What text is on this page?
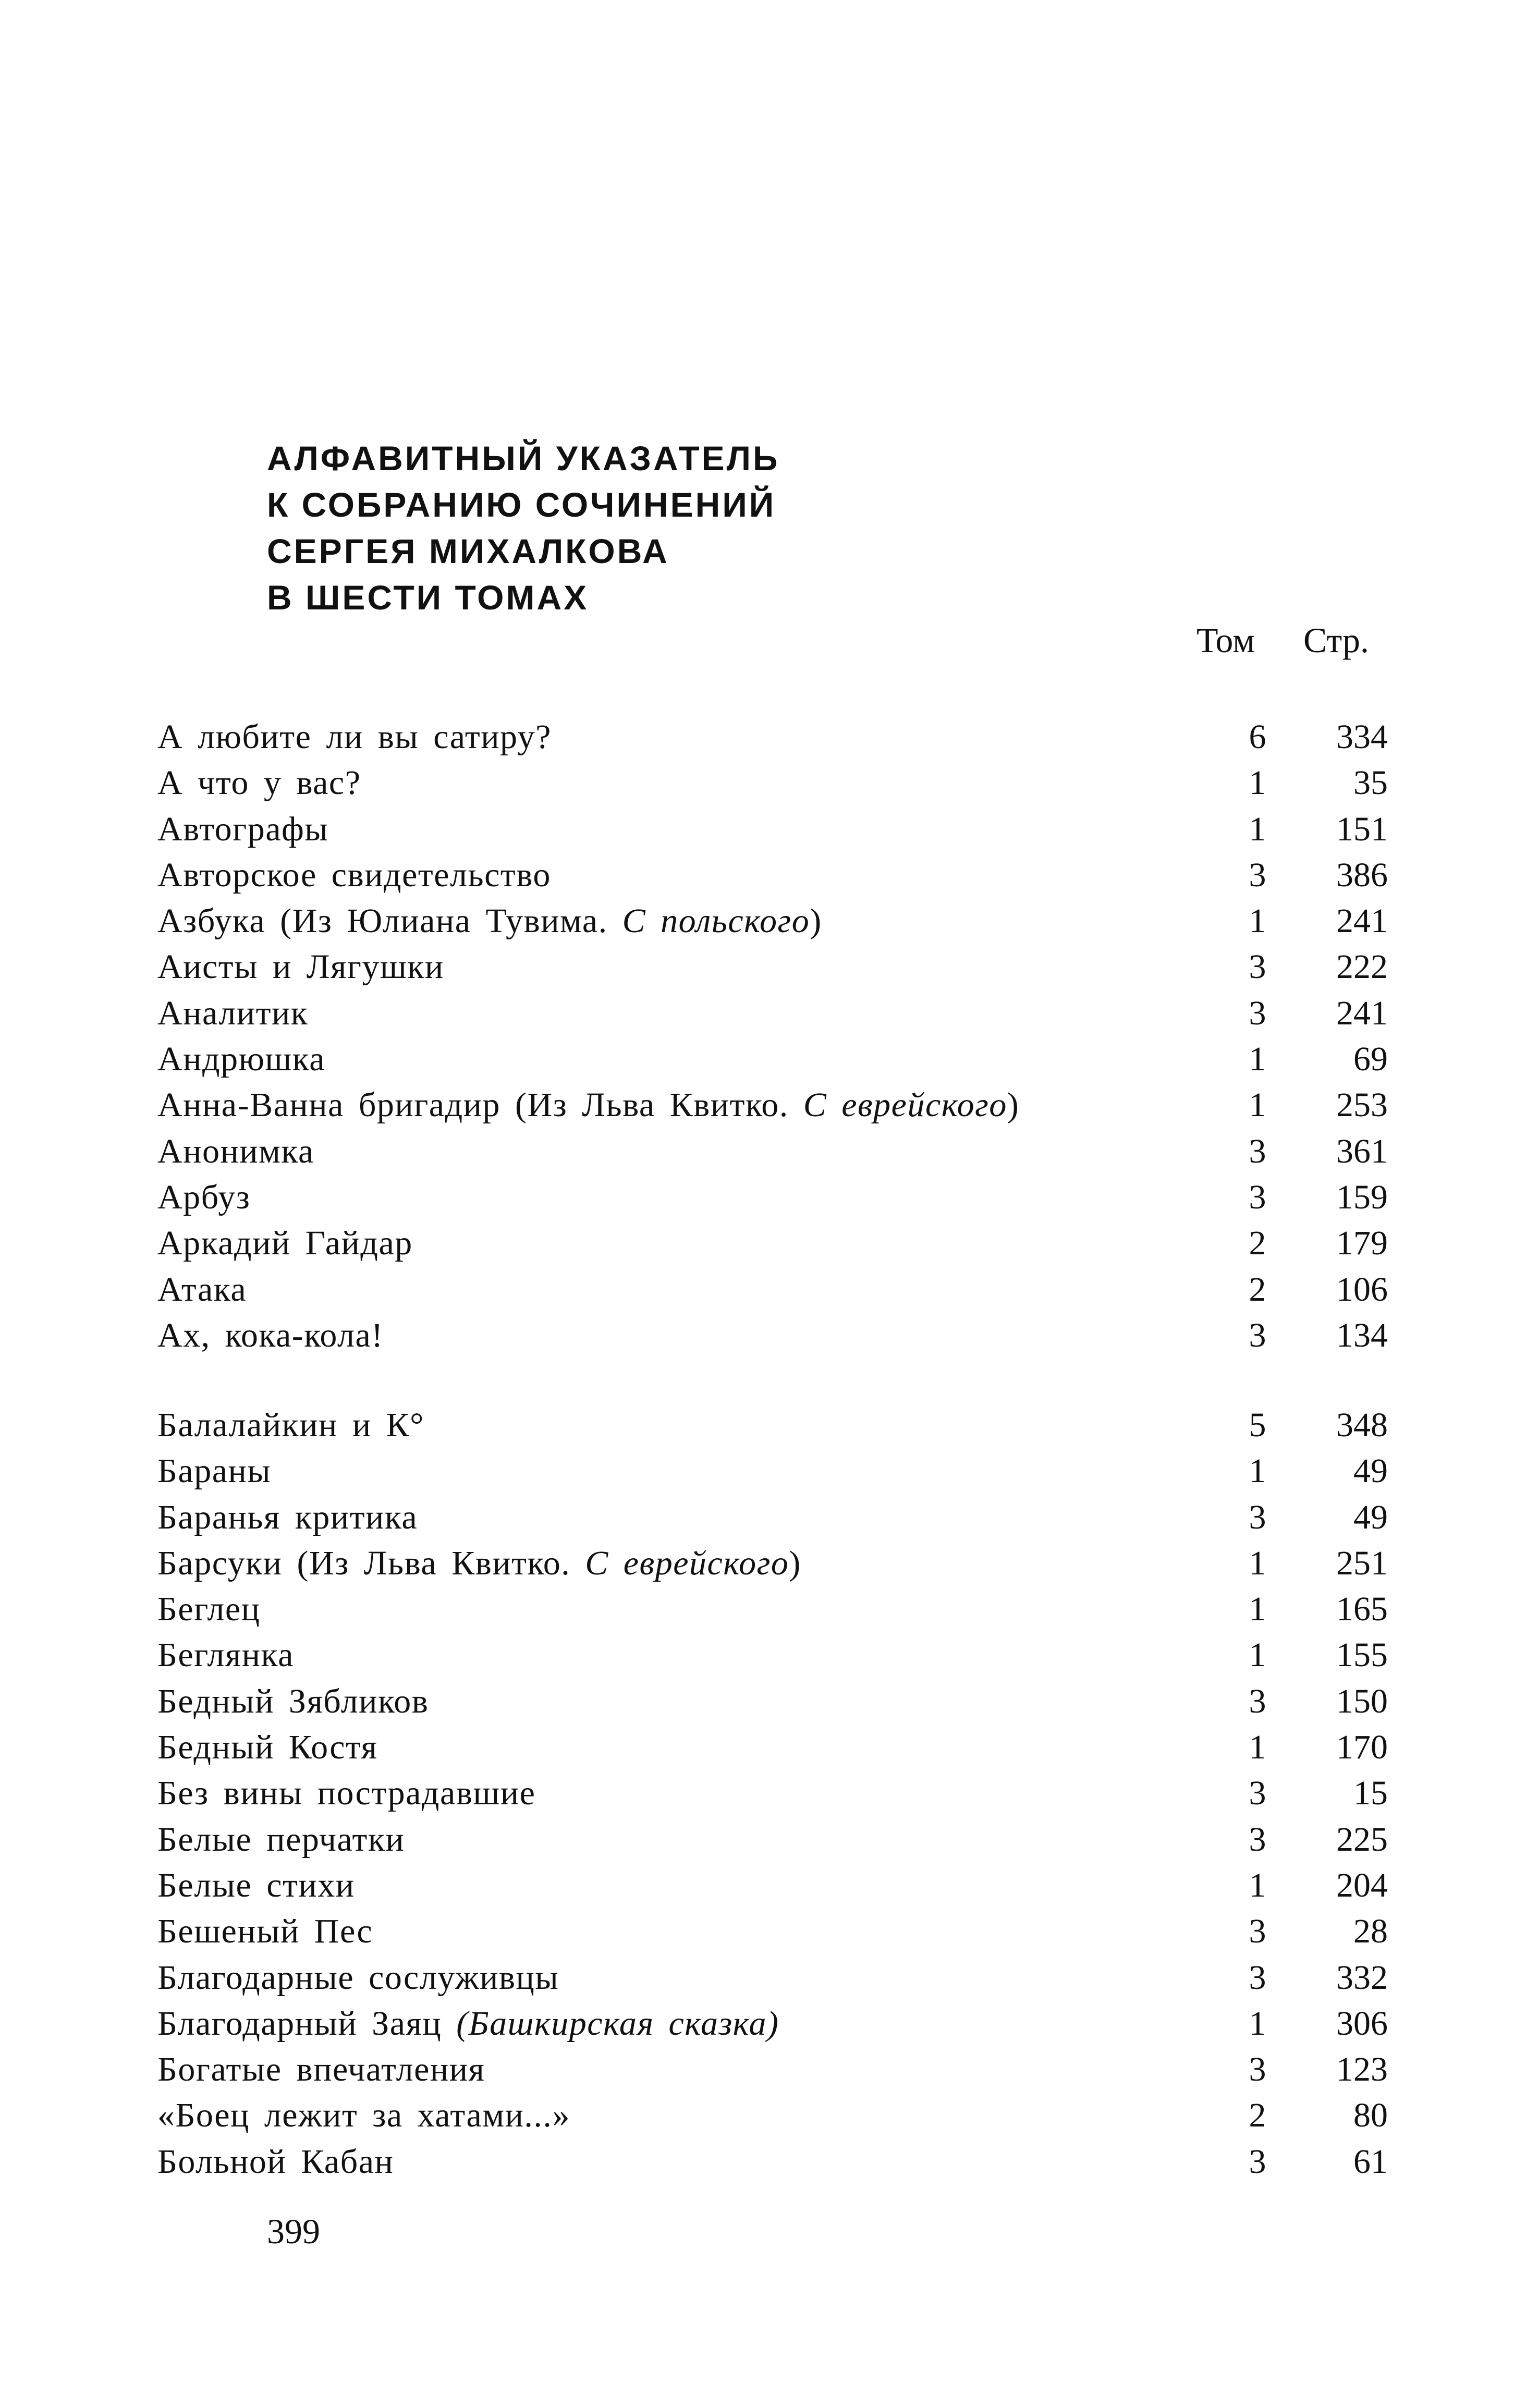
АЛФАВИТНЫЙ УКАЗАТЕЛЬ
К СОБРАНИЮ СОЧИНЕНИЙ
СЕРГЕЯ МИХАЛКОВА
В ШЕСТИ ТОМАХ
Том Стр.
А любите ли вы сатиру?	6	334
А что у вас?	1	35
Автографы	1	151
Авторское свидетельство	3	386
Азбука (Из Юлиана Тувима. С польского)	1	241
Аисты и Лягушки	3	222
Аналитик	3	241
Андрюшка	1	69
Анна-Ванна бригадир (Из Льва Квитко. С еврейского)	1	253
Анонимка	3	361
Арбуз	3	159
Аркадий Гайдар	2	179
Атака	2	106
Ах, кока-кола!	3	134
Балалайкин и К°	5	348
Бараны	1	49
Баранья критика	3	49
Барсуки (Из Льва Квитко. С еврейского)	1	251
Беглец	1	165
Беглянка	1	155
Бедный Зябликов	3	150
Бедный Костя	1	170
Без вины пострадавшие	3	15
Белые перчатки	3	225
Белые стихи	1	204
Бешеный Пес	3	28
Благодарные сослуживцы	3	332
Благодарный Заяц (Башкирская сказка)	1	306
Богатые впечатления	3	123
«Боец лежит за хатами...»	2	80
Больной Кабан	3	61
399
